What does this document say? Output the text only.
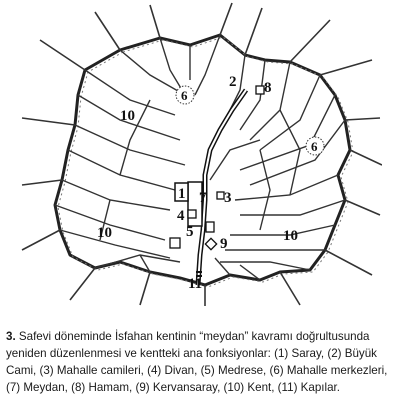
1
2
3
4
5
6
6
7
8
9
10
10	10
11
3. Safevi döneminde İsfahan kentinin “meydan” kavramı doğrultusunda yeniden düzenlenmesi ve kentteki ana fonksiyonlar: (1) Saray, (2) Büyük Cami, (3) Mahalle camileri, (4) Divan, (5) Medrese, (6) Mahalle merkezleri, (7) Meydan, (8) Hamam, (9) Kervansaray, (10) Kent, (11) Kapılar.
